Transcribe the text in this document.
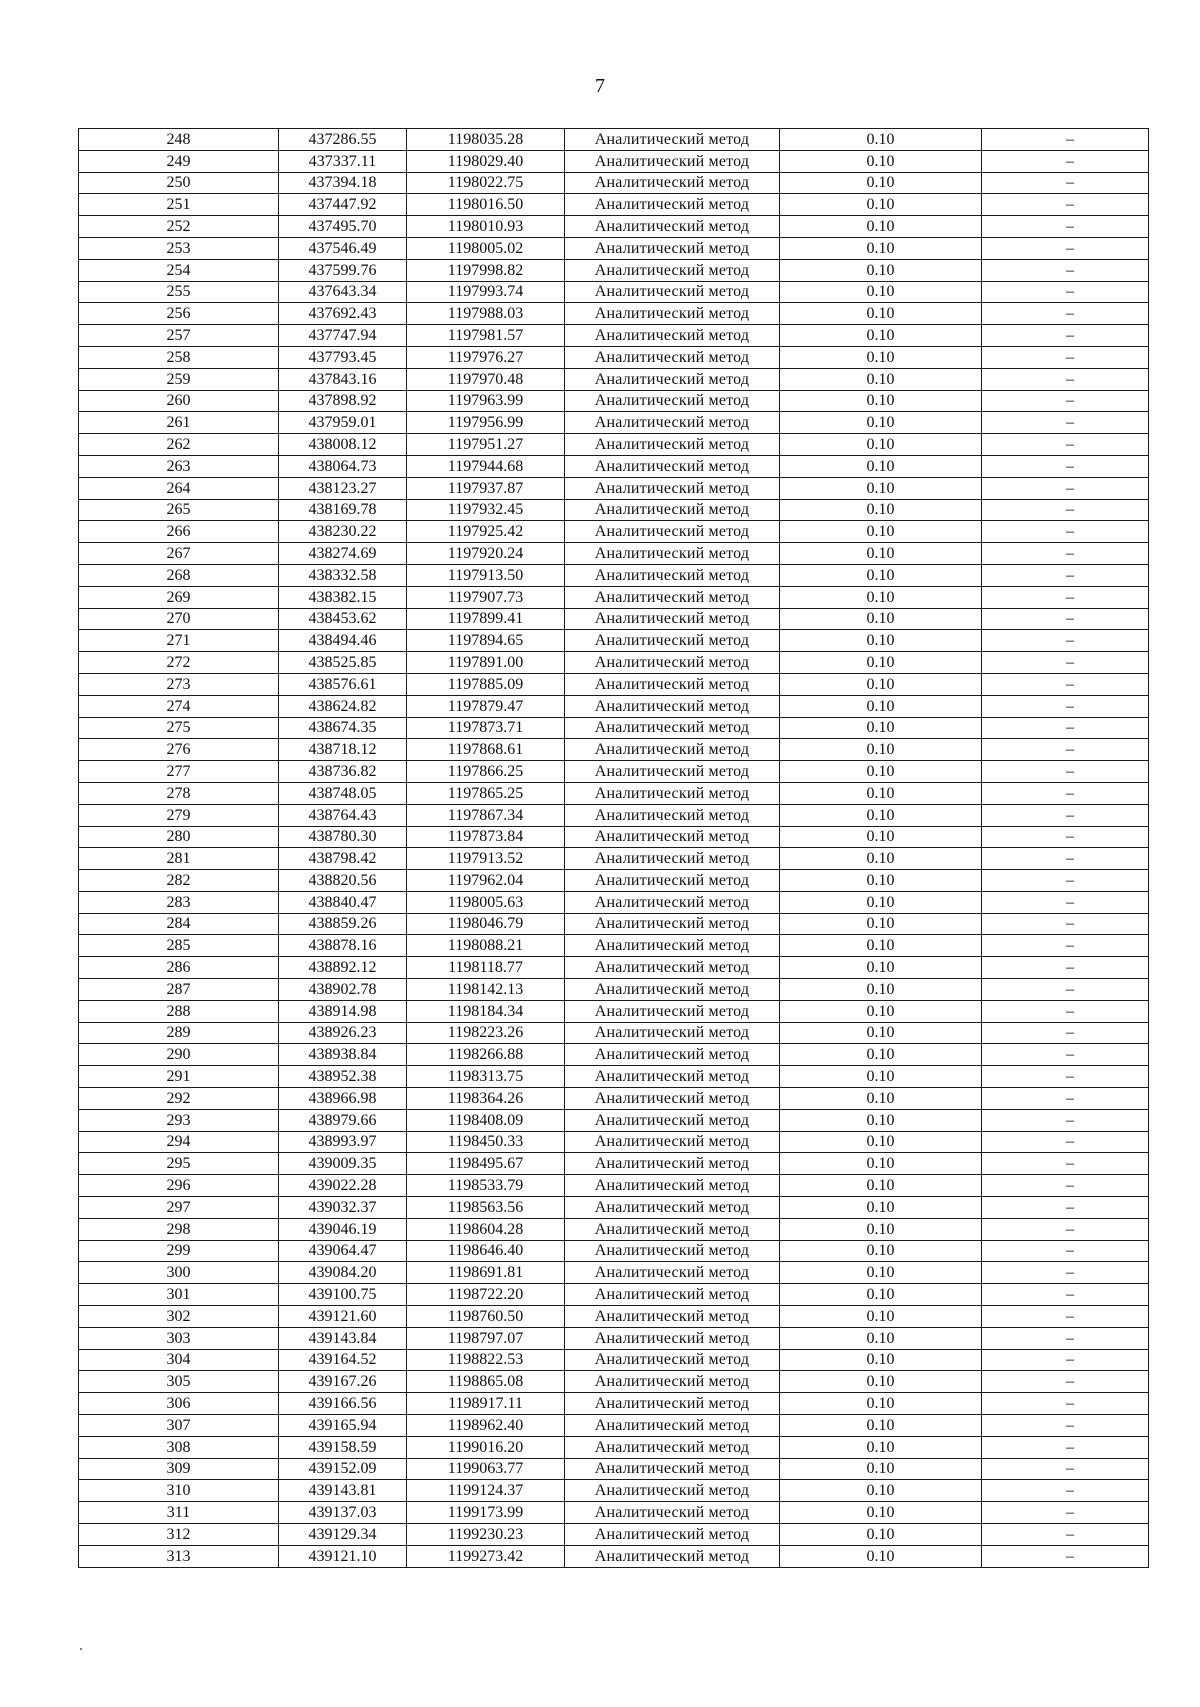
7
248	437286.55	1198035.28	Аналитический метод	0.10	–
249	437337.11	1198029.40	Аналитический метод	0.10	–
250	437394.18	1198022.75	Аналитический метод	0.10	–
251	437447.92	1198016.50	Аналитический метод	0.10	–
252	437495.70	1198010.93	Аналитический метод	0.10	–
253	437546.49	1198005.02	Аналитический метод	0.10	–
254	437599.76	1197998.82	Аналитический метод	0.10	–
255	437643.34	1197993.74	Аналитический метод	0.10	–
256	437692.43	1197988.03	Аналитический метод	0.10	–
257	437747.94	1197981.57	Аналитический метод	0.10	–
258	437793.45	1197976.27	Аналитический метод	0.10	–
259	437843.16	1197970.48	Аналитический метод	0.10	–
260	437898.92	1197963.99	Аналитический метод	0.10	–
261	437959.01	1197956.99	Аналитический метод	0.10	–
262	438008.12	1197951.27	Аналитический метод	0.10	–
263	438064.73	1197944.68	Аналитический метод	0.10	–
264	438123.27	1197937.87	Аналитический метод	0.10	–
265	438169.78	1197932.45	Аналитический метод	0.10	–
266	438230.22	1197925.42	Аналитический метод	0.10	–
267	438274.69	1197920.24	Аналитический метод	0.10	–
268	438332.58	1197913.50	Аналитический метод	0.10	–
269	438382.15	1197907.73	Аналитический метод	0.10	–
270	438453.62	1197899.41	Аналитический метод	0.10	–
271	438494.46	1197894.65	Аналитический метод	0.10	–
272	438525.85	1197891.00	Аналитический метод	0.10	–
273	438576.61	1197885.09	Аналитический метод	0.10	–
274	438624.82	1197879.47	Аналитический метод	0.10	–
275	438674.35	1197873.71	Аналитический метод	0.10	–
276	438718.12	1197868.61	Аналитический метод	0.10	–
277	438736.82	1197866.25	Аналитический метод	0.10	–
278	438748.05	1197865.25	Аналитический метод	0.10	–
279	438764.43	1197867.34	Аналитический метод	0.10	–
280	438780.30	1197873.84	Аналитический метод	0.10	–
281	438798.42	1197913.52	Аналитический метод	0.10	–
282	438820.56	1197962.04	Аналитический метод	0.10	–
283	438840.47	1198005.63	Аналитический метод	0.10	–
284	438859.26	1198046.79	Аналитический метод	0.10	–
285	438878.16	1198088.21	Аналитический метод	0.10	–
286	438892.12	1198118.77	Аналитический метод	0.10	–
287	438902.78	1198142.13	Аналитический метод	0.10	–
288	438914.98	1198184.34	Аналитический метод	0.10	–
289	438926.23	1198223.26	Аналитический метод	0.10	–
290	438938.84	1198266.88	Аналитический метод	0.10	–
291	438952.38	1198313.75	Аналитический метод	0.10	–
292	438966.98	1198364.26	Аналитический метод	0.10	–
293	438979.66	1198408.09	Аналитический метод	0.10	–
294	438993.97	1198450.33	Аналитический метод	0.10	–
295	439009.35	1198495.67	Аналитический метод	0.10	–
296	439022.28	1198533.79	Аналитический метод	0.10	–
297	439032.37	1198563.56	Аналитический метод	0.10	–
298	439046.19	1198604.28	Аналитический метод	0.10	–
299	439064.47	1198646.40	Аналитический метод	0.10	–
300	439084.20	1198691.81	Аналитический метод	0.10	–
301	439100.75	1198722.20	Аналитический метод	0.10	–
302	439121.60	1198760.50	Аналитический метод	0.10	–
303	439143.84	1198797.07	Аналитический метод	0.10	–
304	439164.52	1198822.53	Аналитический метод	0.10	–
305	439167.26	1198865.08	Аналитический метод	0.10	–
306	439166.56	1198917.11	Аналитический метод	0.10	–
307	439165.94	1198962.40	Аналитический метод	0.10	–
308	439158.59	1199016.20	Аналитический метод	0.10	–
309	439152.09	1199063.77	Аналитический метод	0.10	–
310	439143.81	1199124.37	Аналитический метод	0.10	–
311	439137.03	1199173.99	Аналитический метод	0.10	–
312	439129.34	1199230.23	Аналитический метод	0.10	–
313	439121.10	1199273.42	Аналитический метод	0.10	–
